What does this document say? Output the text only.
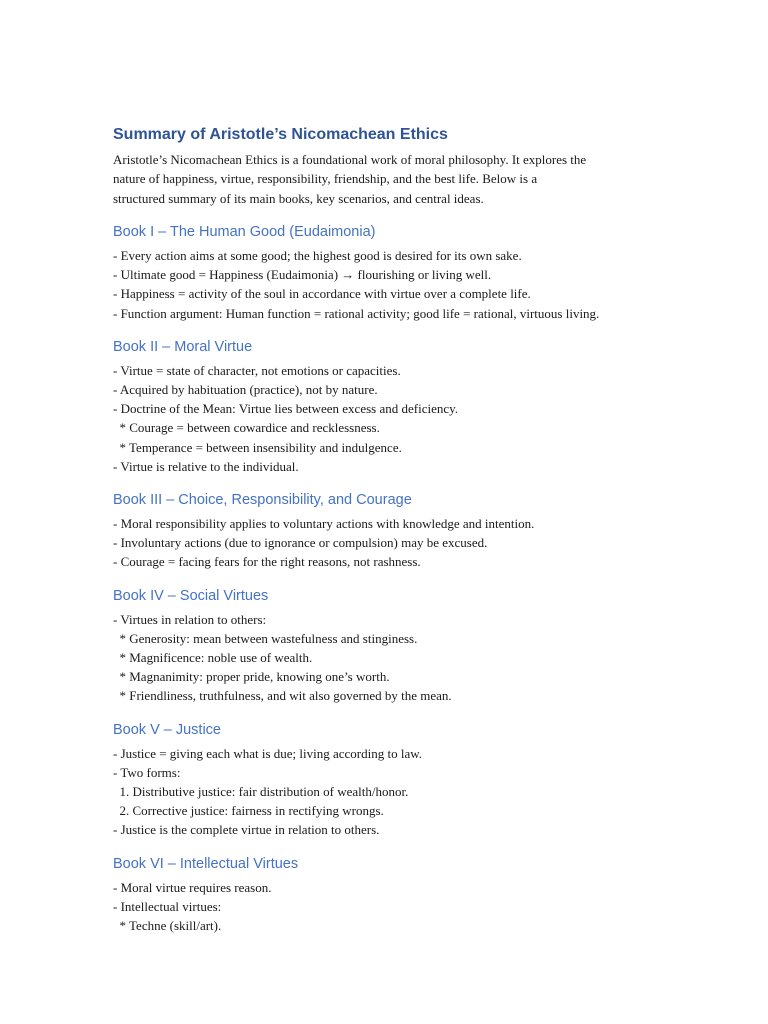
Summary of Aristotle’s Nicomachean Ethics

Aristotle’s Nicomachean Ethics is a foundational work of moral philosophy. It explores the

nature of happiness, virtue, responsibility, friendship, and the best life. Below is a

structured summary of its main books, key scenarios, and central ideas.

Book I – The Human Good (Eudaimonia)
- Every action aims at some good; the highest good is desired for its own sake.
- Ultimate good = Happiness (Eudaimonia) → flourishing or living well.
- Happiness = activity of the soul in accordance with virtue over a complete life.
- Function argument: Human function = rational activity; good life = rational, virtuous living.
Book II – Moral Virtue
- Virtue = state of character, not emotions or capacities.
- Acquired by habituation (practice), not by nature.
- Doctrine of the Mean: Virtue lies between excess and deficiency.
* Courage = between cowardice and recklessness.
* Temperance = between insensibility and indulgence.
- Virtue is relative to the individual.
Book III – Choice, Responsibility, and Courage
- Moral responsibility applies to voluntary actions with knowledge and intention.
- Involuntary actions (due to ignorance or compulsion) may be excused.
- Courage = facing fears for the right reasons, not rashness.
Book IV – Social Virtues
- Virtues in relation to others:
* Generosity: mean between wastefulness and stinginess.
* Magnificence: noble use of wealth.
* Magnanimity: proper pride, knowing one’s worth.
* Friendliness, truthfulness, and wit also governed by the mean.
Book V – Justice
- Justice = giving each what is due; living according to law.
- Two forms:
1. Distributive justice: fair distribution of wealth/honor.
2. Corrective justice: fairness in rectifying wrongs.
- Justice is the complete virtue in relation to others.
Book VI – Intellectual Virtues
- Moral virtue requires reason.
- Intellectual virtues:
* Techne (skill/art).
